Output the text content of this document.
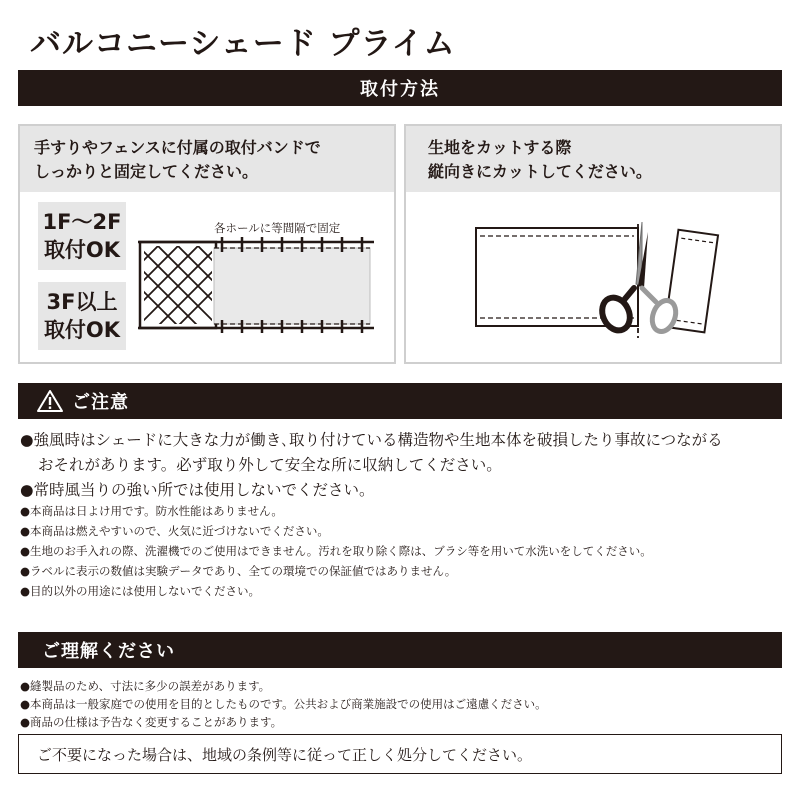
バルコニーシェード プライム
取付方法
手すりやフェンスに付属の取付バンドで
しっかりと固定してください。
1F〜2F
取付OK
3F以上
取付OK
各ホールに等間隔で固定
生地をカットする際
縦向きにカットしてください。
ご注意
●強風時はシェードに大きな力が働き､取り付けている構造物や生地本体を破損したり事故につながる
おそれがあります。必ず取り外して安全な所に収納してください。
●常時風当りの強い所では使用しないでください。
●本商品は日よけ用です。防水性能はありません。
●本商品は燃えやすいので、火気に近づけないでください。
●生地のお手入れの際、洗濯機でのご使用はできません。汚れを取り除く際は、ブラシ等を用いて水洗いをしてください。
●ラベルに表示の数値は実験データであり、全ての環境での保証値ではありません。
●目的以外の用途には使用しないでください。
ご理解ください
●縫製品のため、寸法に多少の誤差があります。
●本商品は一般家庭での使用を目的としたものです。公共および商業施設での使用はご遠慮ください。
●商品の仕様は予告なく変更することがあります。
ご不要になった場合は、地域の条例等に従って正しく処分してください。
